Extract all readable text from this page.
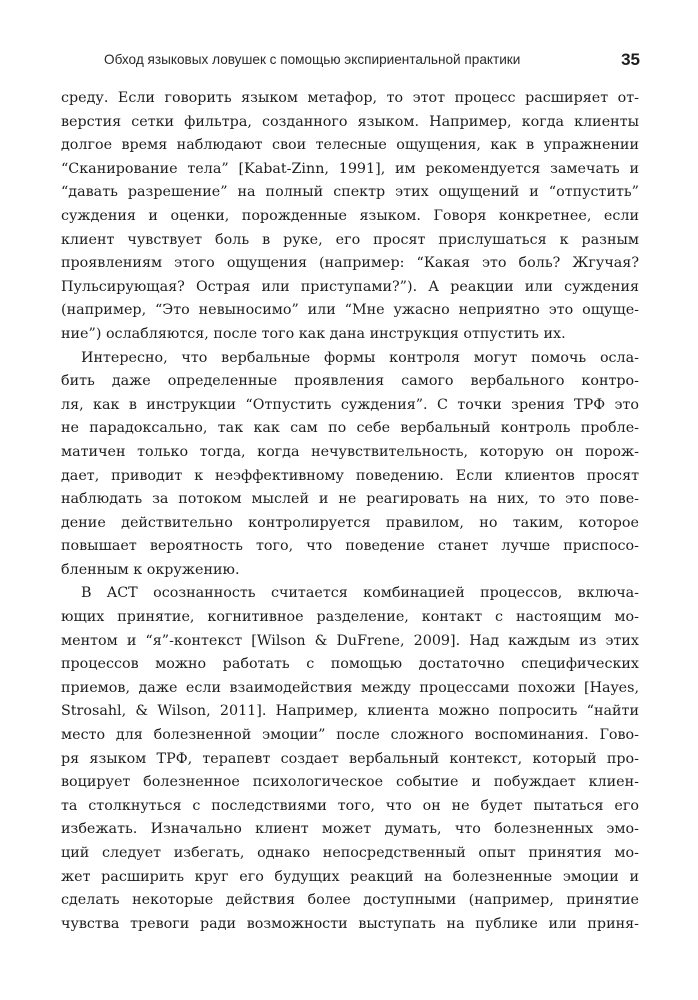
Обход языковых ловушек с помощью экспириентальной практики	35
среду. Если говорить языком метафор, то этот процесс расширяет от-
верстия сетки фильтра, созданного языком. Например, когда клиенты
долгое время наблюдают свои телесные ощущения, как в упражнении
“Сканирование тела” [Kabat-Zinn, 1991], им рекомендуется замечать и
“давать разрешение” на полный спектр этих ощущений и “отпустить”
суждения и оценки, порожденные языком. Говоря конкретнее, если
клиент чувствует боль в руке, его просят прислушаться к разным
проявлениям этого ощущения (например: “Какая это боль? Жгучая?
Пульсирующая? Острая или приступами?”). А реакции или суждения
(например, “Это невыносимо” или “Мне ужасно неприятно это ощуще-
ние”) ослабляются, после того как дана инструкция отпустить их.
Интересно, что вербальные формы контроля могут помочь осла-
бить даже определенные проявления самого вербального контро-
ля, как в инструкции “Отпустить суждения”. С точки зрения ТРФ это
не парадоксально, так как сам по себе вербальный контроль пробле-
матичен только тогда, когда нечувствительность, которую он порож-
дает, приводит к неэффективному поведению. Если клиентов просят
наблюдать за потоком мыслей и не реагировать на них, то это пове-
дение действительно контролируется правилом, но таким, которое
повышает вероятность того, что поведение станет лучше приспосо-
бленным к окружению.
В ACT осознанность считается комбинацией процессов, включа-
ющих принятие, когнитивное разделение, контакт с настоящим мо-
ментом и “я”-контекст [Wilson & DuFrene, 2009]. Над каждым из этих
процессов можно работать с помощью достаточно специфических
приемов, даже если взаимодействия между процессами похожи [Hayes,
Strosahl, & Wilson, 2011]. Например, клиента можно попросить “найти
место для болезненной эмоции” после сложного воспоминания. Гово-
ря языком ТРФ, терапевт создает вербальный контекст, который про-
воцирует болезненное психологическое событие и побуждает клиен-
та столкнуться с последствиями того, что он не будет пытаться его
избежать. Изначально клиент может думать, что болезненных эмо-
ций следует избегать, однако непосредственный опыт принятия мо-
жет расширить круг его будущих реакций на болезненные эмоции и
сделать некоторые действия более доступными (например, принятие
чувства тревоги ради возможности выступать на публике или приня-
